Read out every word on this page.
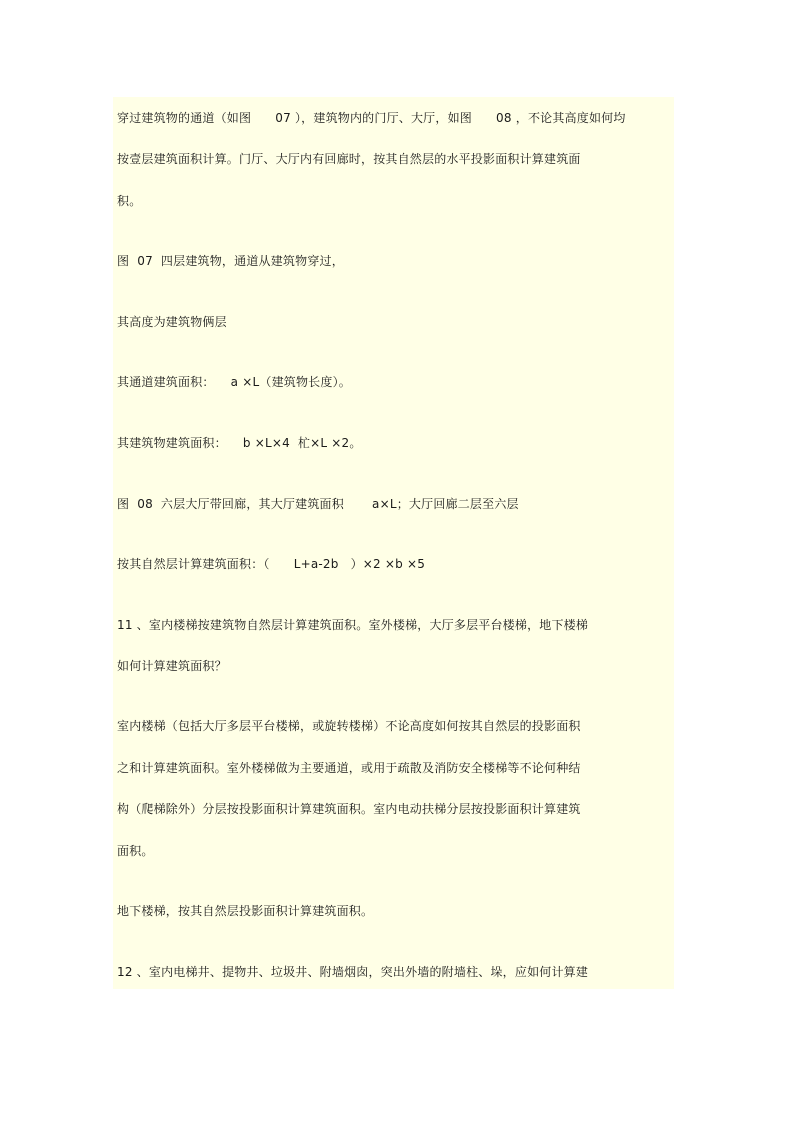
穿过建筑物的通道（如图      07 ），建筑物内的门厅、大厅，如图      08 ，不论其高度如何均

按壹层建筑面积计算。门厅、大厅内有回廊时，按其自然层的水平投影面积计算建筑面

积。

图  07  四层建筑物，通道从建筑物穿过，

其高度为建筑物俩层

其通道建筑面积：    a ×L（建筑物长度）。

其建筑物建筑面积：    b ×L×4  杧×L ×2。

图  08  六层大厅带回廊，其大厅建筑面积       a×L；大厅回廊二层至六层

按其自然层计算建筑面积：（      L+a-2b   ）×2 ×b ×5

11 、室内楼梯按建筑物自然层计算建筑面积。室外楼梯，大厅多层平台楼梯，地下楼梯

如何计算建筑面积？

室内楼梯（包括大厅多层平台楼梯，或旋转楼梯）不论高度如何按其自然层的投影面积

之和计算建筑面积。室外楼梯做为主要通道，或用于疏散及消防安全楼梯等不论何种结

构（爬梯除外）分层按投影面积计算建筑面积。室内电动扶梯分层按投影面积计算建筑

面积。

地下楼梯，按其自然层投影面积计算建筑面积。

12 、室内电梯井、提物井、垃圾井、附墙烟囱，突出外墙的附墙柱、垛，应如何计算建
